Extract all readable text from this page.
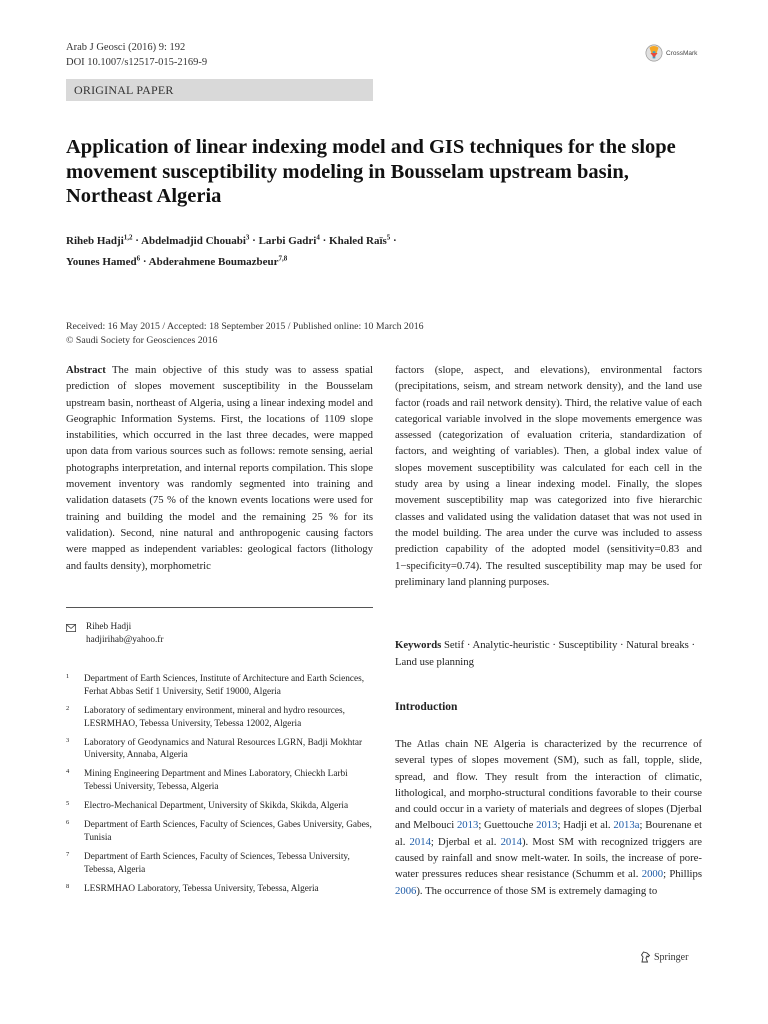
Arab J Geosci (2016) 9: 192
DOI 10.1007/s12517-015-2169-9
CrossMark
ORIGINAL PAPER
Application of linear indexing model and GIS techniques for the slope movement susceptibility modeling in Bousselam upstream basin, Northeast Algeria
Riheb Hadji$^{1,2}$ · Abdelmadjid Chouabi$^3$ · Larbi Gadri$^4$ · Khaled Raïs$^5$ ·
Younes Hamed$^6$ · Abderahmene Boumazbeur$^{7,8}$
Received: 16 May 2015 / Accepted: 18 September 2015 / Published online: 10 March 2016
© Saudi Society for Geosciences 2016
Abstract The main objective of this study was to assess spatial prediction of slopes movement susceptibility in the Bousselam upstream basin, northeast of Algeria, using a linear indexing model and Geographic Information Systems. First, the locations of 1109 slope instabilities, which occurred in the last three decades, were mapped upon data from various sources such as follows: remote sensing, aerial photographs interpretation, and internal reports compilation. This slope movement inventory was randomly segmented into training and validation datasets (75 % of the known events locations were used for training and building the model and the remaining 25 % for its validation). Second, nine natural and anthropogenic causing factors were mapped as independent variables: geological factors (lithology and faults density), morphometric
factors (slope, aspect, and elevations), environmental factors (precipitations, seism, and stream network density), and the land use factor (roads and rail network density). Third, the relative value of each categorical variable involved in the slope movements emergence was assessed (categorization of evaluation criteria, standardization of factors, and weighting of variables). Then, a global index value of slopes movement susceptibility was calculated for each cell in the study area by using a linear indexing model. Finally, the slopes movement susceptibility map was categorized into five hierarchic classes and validated using the validation dataset that was not used in the model building. The area under the curve was included to assess prediction capability of the adopted model (sensitivity=0.83 and 1−specificity=0.74). The resulted susceptibility map may be used for preliminary land planning purposes.
Riheb Hadji
hadjirihab@yahoo.fr
1 Department of Earth Sciences, Institute of Architecture and Earth Sciences, Ferhat Abbas Setif 1 University, Setif 19000, Algeria
2 Laboratory of sedimentary environment, mineral and hydro resources, LESRMHAO, Tebessa University, Tebessa 12002, Algeria
3 Laboratory of Geodynamics and Natural Resources LGRN, Badji Mokhtar University, Annaba, Algeria
4 Mining Engineering Department and Mines Laboratory, Chieckh Larbi Tebessi University, Tebessa, Algeria
5 Electro-Mechanical Department, University of Skikda, Skikda, Algeria
6 Department of Earth Sciences, Faculty of Sciences, Gabes University, Gabes, Tunisia
7 Department of Earth Sciences, Faculty of Sciences, Tebessa University, Tebessa, Algeria
8 LESRMHAO Laboratory, Tebessa University, Tebessa, Algeria
Keywords Setif · Analytic-heuristic · Susceptibility · Natural breaks · Land use planning
Introduction
The Atlas chain NE Algeria is characterized by the recurrence of several types of slopes movement (SM), such as fall, topple, slide, spread, and flow. They result from the interaction of climatic, lithological, and morpho-structural conditions favorable to their course and could occur in a variety of materials and degrees of slopes (Djerbal and Melbouci 2013; Guettouche 2013; Hadji et al. 2013a; Bourenane et al. 2014; Djerbal et al. 2014). Most SM with recognized triggers are caused by rainfall and snow melt-water. In soils, the increase of pore-water pressures reduces shear resistance (Schumm et al. 2000; Phillips 2006). The occurrence of those SM is extremely damaging to
Springer
